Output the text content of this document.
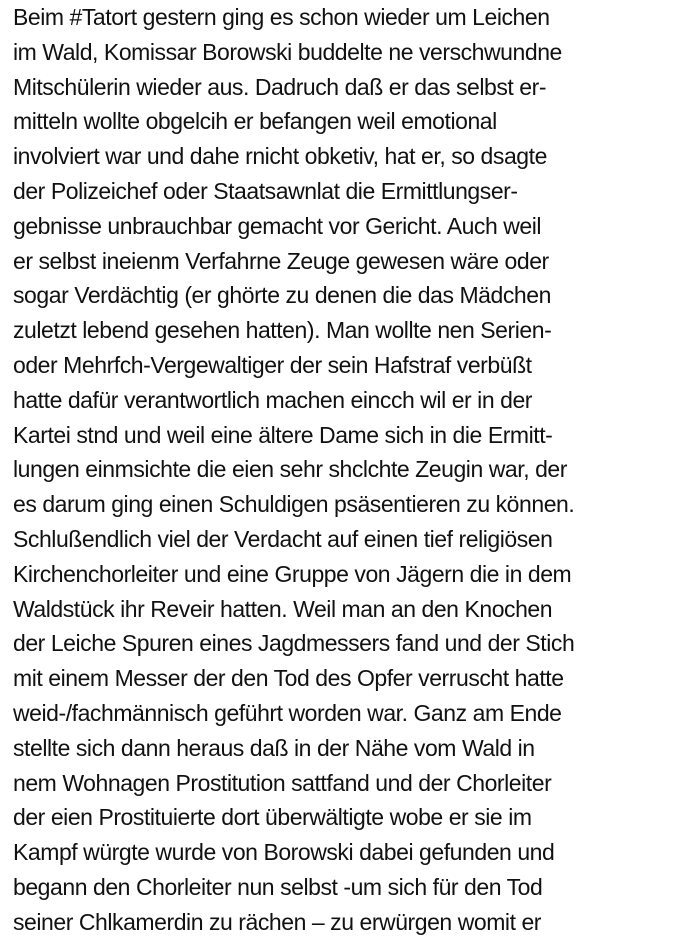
Beim #Tatort gestern ging es schon wieder um Leichen
im Wald, Komissar Borowski buddelte ne verschwundne
Mitschülerin wieder aus. Dadruch daß er das selbst er-
mitteln wollte obgelcih er befangen weil emotional
involviert war und dahe rnicht obketiv, hat er, so dsagte
der Polizeichef oder Staatsawnlat die Ermittlungser-
gebnisse unbrauchbar gemacht vor Gericht. Auch weil
er selbst ineienm Verfahrne Zeuge gewesen wäre oder
sogar Verdächtig (er ghörte zu denen die das Mädchen
zuletzt lebend gesehen hatten). Man wollte nen Serien-
oder Mehrfch-Vergewaltiger der sein Hafstraf verbüßt
hatte dafür verantwortlich machen eincch wil er in der
Kartei stnd und weil eine ältere Dame sich in die Ermitt-
lungen einmsichte die eien sehr shclchte Zeugin war, der
es darum ging einen Schuldigen psäsentieren zu können.
Schlußendlich viel der Verdacht auf einen tief religiösen
Kirchenchorleiter und eine Gruppe von Jägern die in dem
Waldstück ihr Reveir hatten. Weil man an den Knochen
der Leiche Spuren eines Jagdmessers fand und der Stich
mit einem Messer der den Tod des Opfer verruscht hatte
weid-/fachmännisch geführt worden war. Ganz am Ende
stellte sich dann heraus daß in der Nähe vom Wald in
nem Wohnagen Prostitution sattfand und der Chorleiter
der eien Prostituierte dort überwältigte wobe er sie im
Kampf würgte wurde von Borowski dabei gefunden und
begann den Chorleiter nun selbst -um sich für den Tod
seiner Chlkamerdin zu rächen – zu erwürgen womit er
